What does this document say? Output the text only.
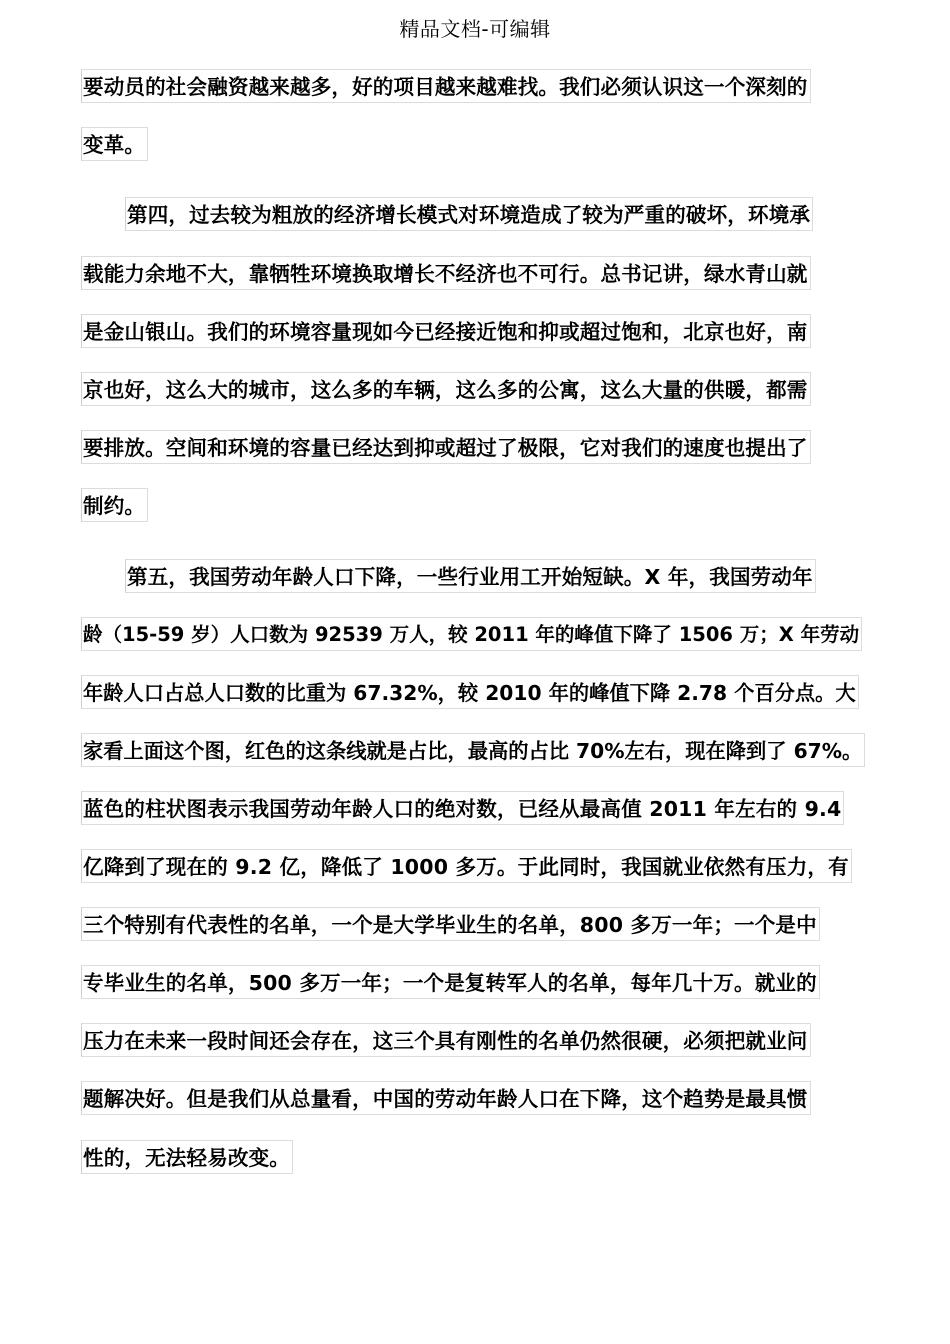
精品文档-可编辑
要动员的社会融资越来越多，好的项目越来越难找。我们必须认识这一个深刻的
变革。
第四，过去较为粗放的经济增长模式对环境造成了较为严重的破坏，环境承
载能力余地不大，靠牺牲环境换取增长不经济也不可行。总书记讲，绿水青山就
是金山银山。我们的环境容量现如今已经接近饱和抑或超过饱和，北京也好，南
京也好，这么大的城市，这么多的车辆，这么多的公寓，这么大量的供暖，都需
要排放。空间和环境的容量已经达到抑或超过了极限，它对我们的速度也提出了
制约。
第五，我国劳动年龄人口下降，一些行业用工开始短缺。X 年，我国劳动年
龄（15-59 岁）人口数为 92539 万人，较 2011 年的峰值下降了 1506 万；X 年劳动
年龄人口占总人口数的比重为 67.32%，较 2010 年的峰值下降 2.78 个百分点。大
家看上面这个图，红色的这条线就是占比，最高的占比 70%左右，现在降到了 67%。
蓝色的柱状图表示我国劳动年龄人口的绝对数，已经从最高值 2011 年左右的 9.4
亿降到了现在的 9.2 亿，降低了 1000 多万。于此同时，我国就业依然有压力，有
三个特别有代表性的名单，一个是大学毕业生的名单，800 多万一年；一个是中
专毕业生的名单，500 多万一年；一个是复转军人的名单，每年几十万。就业的
压力在未来一段时间还会存在，这三个具有刚性的名单仍然很硬，必须把就业问
题解决好。但是我们从总量看，中国的劳动年龄人口在下降，这个趋势是最具惯
性的，无法轻易改变。
